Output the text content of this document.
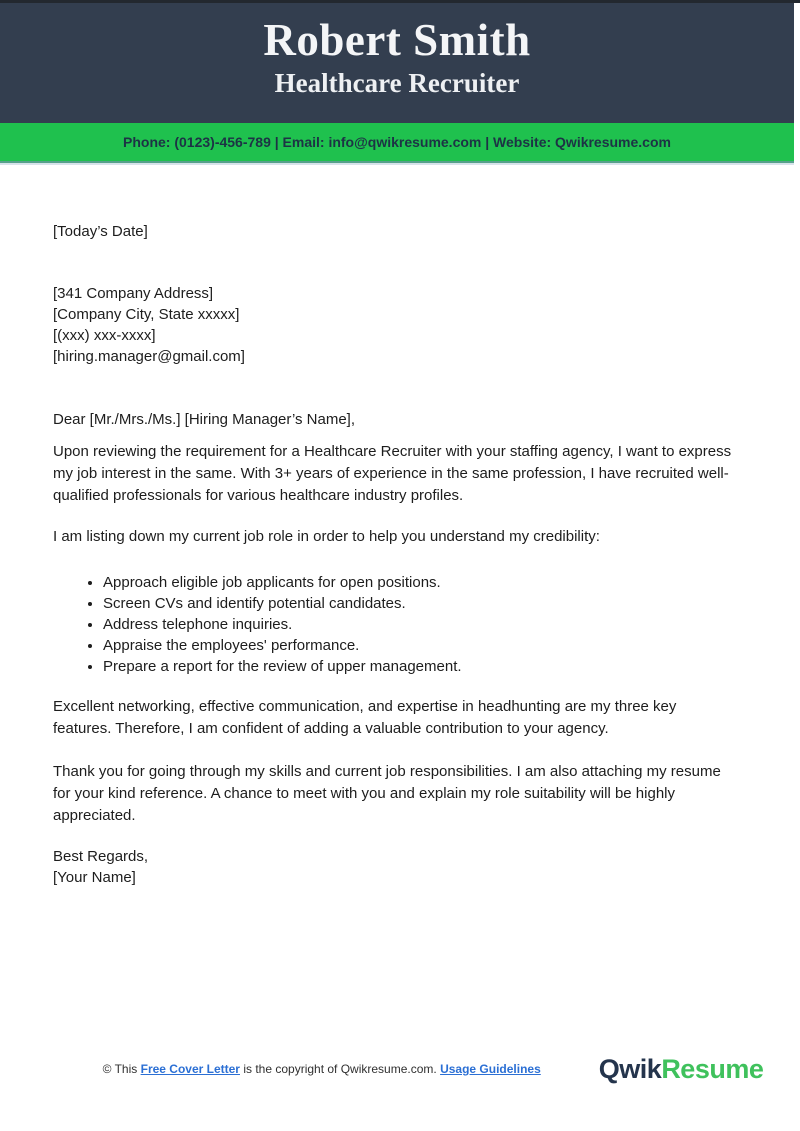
Robert Smith
Healthcare Recruiter
Phone: (0123)-456-789 | Email: info@qwikresume.com | Website: Qwikresume.com

[Today’s Date]

[341 Company Address]

[Company City, State xxxxx]

[(xxx) xxx-xxxx]

[hiring.manager@gmail.com]

Dear [Mr./Mrs./Ms.] [Hiring Manager’s Name],

Upon reviewing the requirement for a Healthcare Recruiter with your staffing agency, I want to express my job interest in the same. With 3+ years of experience in the same profession, I have recruited well-qualified professionals for various healthcare industry profiles.

I am listing down my current job role in order to help you understand my credibility:

• Approach eligible job applicants for open positions.
• Screen CVs and identify potential candidates.
• Address telephone inquiries.
• Appraise the employees' performance.
• Prepare a report for the review of upper management.

Excellent networking, effective communication, and expertise in headhunting are my three key features. Therefore, I am confident of adding a valuable contribution to your agency.

Thank you for going through my skills and current job responsibilities. I am also attaching my resume for your kind reference. A chance to meet with you and explain my role suitability will be highly appreciated.

Best Regards,

[Your Name]

© This Free Cover Letter is the copyright of Qwikresume.com. Usage Guidelines QwikResume
